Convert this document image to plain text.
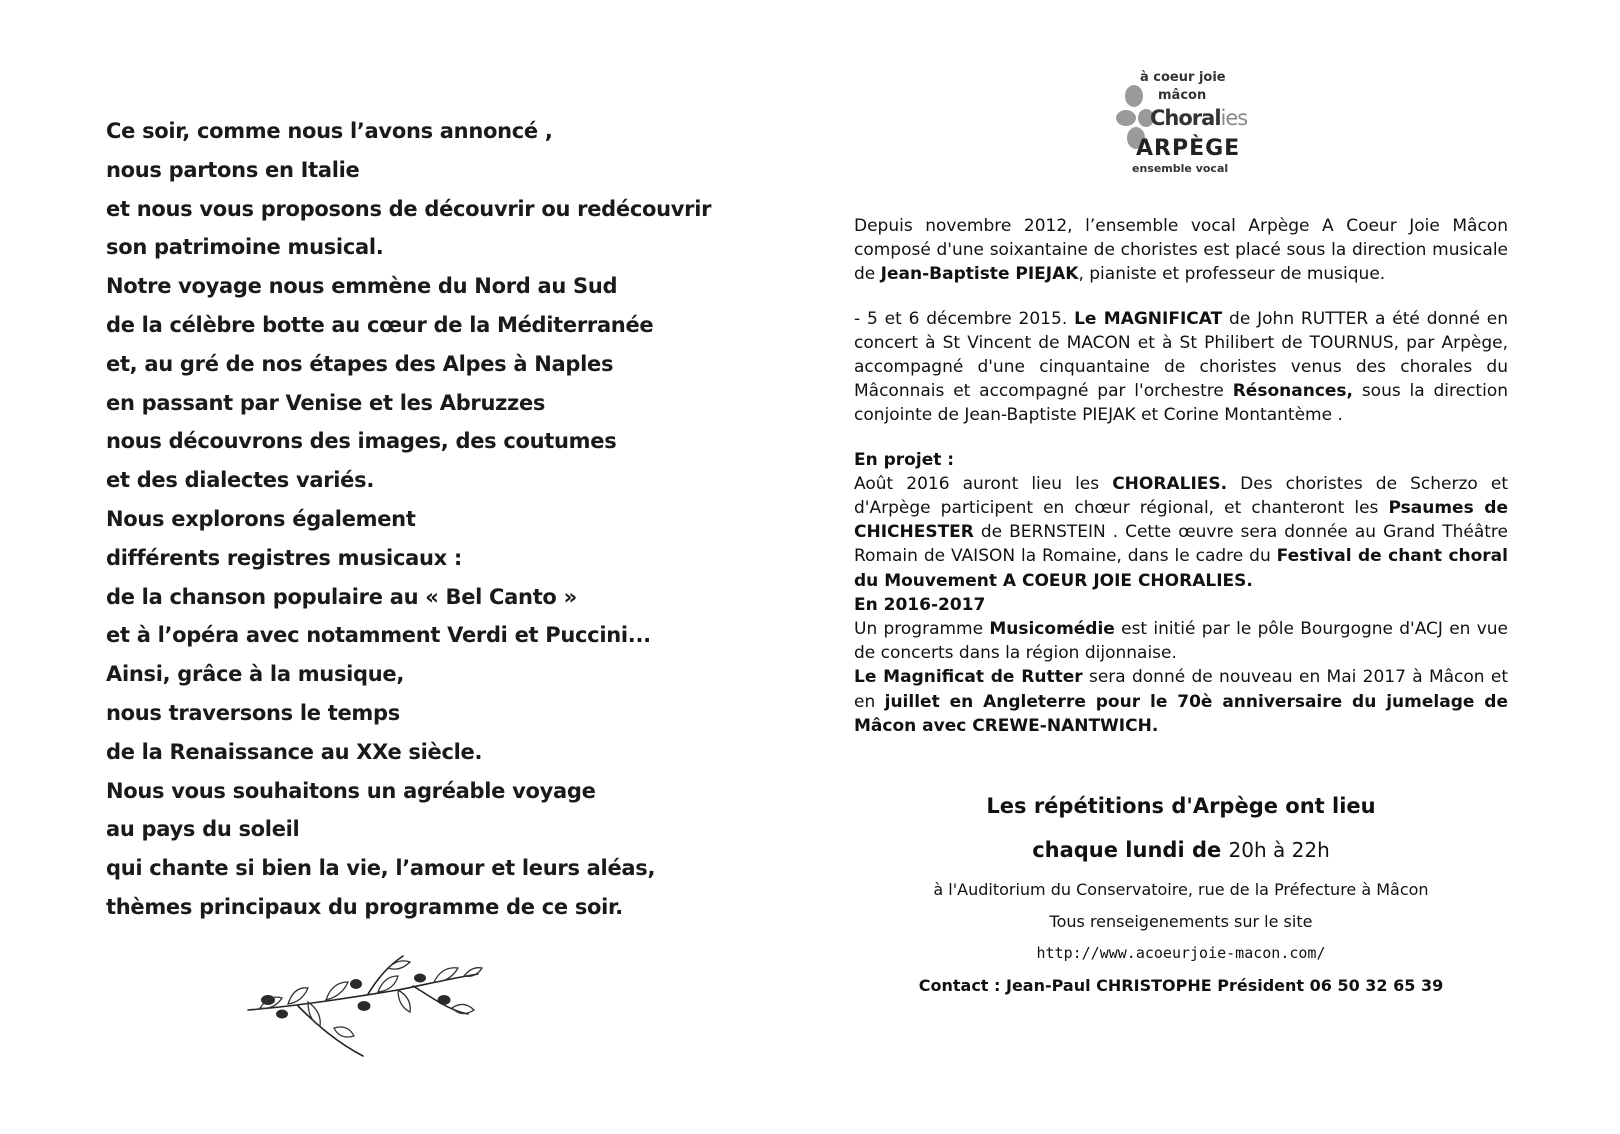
Ce soir, comme nous l’avons annoncé ,
nous partons en Italie
et nous vous proposons de découvrir ou redécouvrir
son patrimoine musical.
Notre voyage nous emmène du Nord au Sud
de la célèbre botte au cœur de la Méditerranée
et, au gré de nos étapes des Alpes à Naples
en passant par Venise et les Abruzzes
nous découvrons des images, des coutumes
et des dialectes variés.
Nous explorons également
différents registres musicaux :
de la chanson populaire au « Bel Canto »
et à l’opéra avec notamment Verdi et Puccini...
Ainsi, grâce à la musique,
nous traversons le temps
de la Renaissance au XXe siècle.
Nous vous souhaitons un agréable voyage
au pays du soleil
qui chante si bien la vie, l’amour et leurs aléas,
thèmes principaux du programme de ce soir.
à coeur joie
mâcon
Choralies
ARPÈGE
ensemble vocal

Depuis novembre 2012, l’ensemble vocal Arpège A Coeur Joie Mâcon composé d'une soixantaine de choristes est placé sous la direction musicale de Jean-Baptiste PIEJAK, pianiste et professeur de musique.

- 5 et 6 décembre 2015. Le MAGNIFICAT de John RUTTER a été donné en concert à St Vincent de MACON et à St Philibert de TOURNUS, par Arpège, accompagné d'une cinquantaine de choristes venus des chorales du Mâconnais et accompagné par l'orchestre Résonances, sous la direction conjointe de Jean-Baptiste PIEJAK et Corine Montantème .

En projet :

Août 2016 auront lieu les CHORALIES. Des choristes de Scherzo et d'Arpège participent en chœur régional, et chanteront les Psaumes de CHICHESTER de BERNSTEIN . Cette œuvre sera donnée au Grand Théâtre Romain de VAISON la Romaine, dans le cadre du Festival de chant choral du Mouvement A COEUR JOIE CHORALIES.

En 2016-2017

Un programme Musicomédie est initié par le pôle Bourgogne d'ACJ en vue de concerts dans la région dijonnaise.

Le Magnificat de Rutter sera donné de nouveau en Mai 2017 à Mâcon et en juillet en Angleterre pour le 70è anniversaire du jumelage de Mâcon avec CREWE-NANTWICH.

Les répétitions d'Arpège ont lieu
chaque lundi de 20h à 22h
à l'Auditorium du Conservatoire, rue de la Préfecture à Mâcon
Tous renseigenements sur le site
http://www.acoeurjoie-macon.com/
Contact : Jean-Paul CHRISTOPHE Président 06 50 32 65 39
